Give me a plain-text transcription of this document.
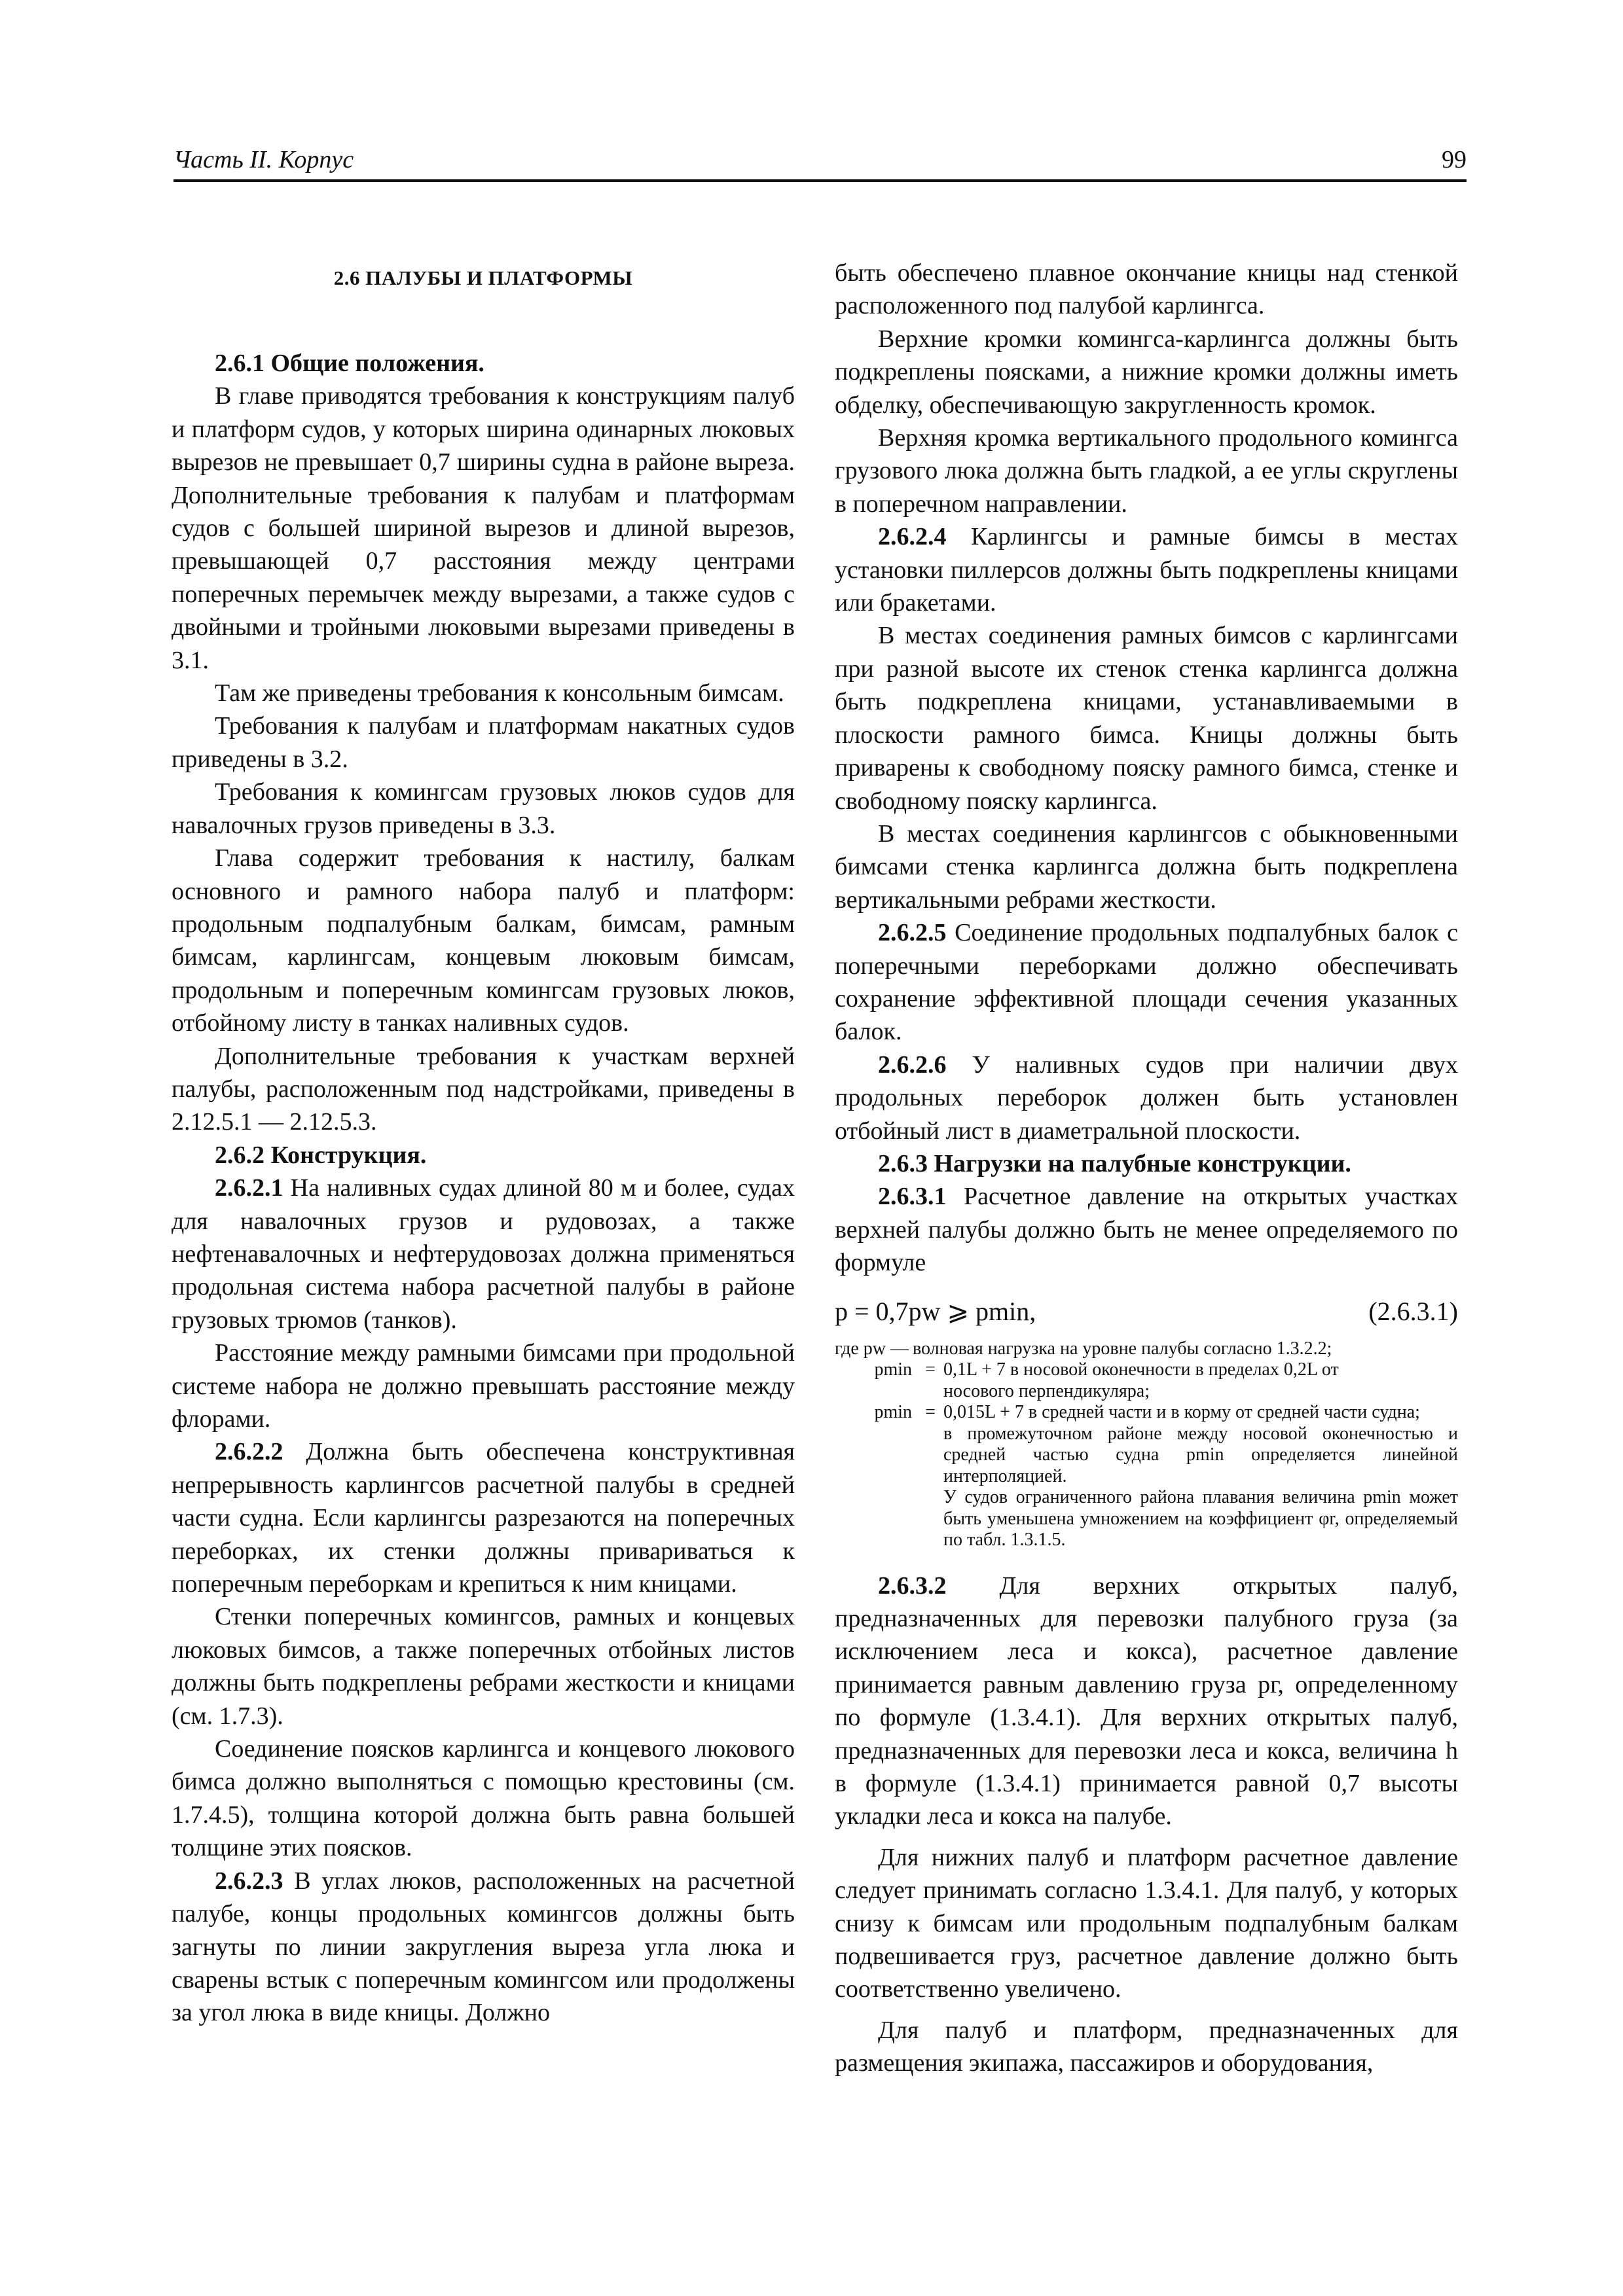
Часть II. Корпус	99
2.6 ПАЛУБЫ И ПЛАТФОРМЫ

2.6.1 Общие положения.

В главе приводятся требования к конструкциям палуб и платформ судов, у которых ширина одинарных люковых вырезов не превышает 0,7 ширины судна в районе выреза. Дополнительные требования к палубам и платформам судов с большей шириной вырезов и длиной вырезов, превышающей 0,7 расстояния между центрами поперечных перемычек между вырезами, а также судов с двойными и тройными люковыми вырезами приведены в 3.1.

Там же приведены требования к консольным бимсам.

Требования к палубам и платформам накатных судов приведены в 3.2.

Требования к комингсам грузовых люков судов для навалочных грузов приведены в 3.3.

Глава содержит требования к настилу, балкам основного и рамного набора палуб и платформ: продольным подпалубным балкам, бимсам, рамным бимсам, карлингсам, концевым люковым бимсам, продольным и поперечным комингсам грузовых люков, отбойному листу в танках наливных судов.

Дополнительные требования к участкам верхней палубы, расположенным под надстройками, приведены в 2.12.5.1 — 2.12.5.3.

2.6.2 Конструкция.

2.6.2.1 На наливных судах длиной 80 м и более, судах для навалочных грузов и рудовозах, а также нефтенавалочных и нефтерудовозах должна применяться продольная система набора расчетной палубы в районе грузовых трюмов (танков).

Расстояние между рамными бимсами при продольной системе набора не должно превышать расстояние между флорами.

2.6.2.2 Должна быть обеспечена конструктивная непрерывность карлингсов расчетной палубы в средней части судна. Если карлингсы разрезаются на поперечных переборках, их стенки должны привариваться к поперечным переборкам и крепиться к ним кницами.

Стенки поперечных комингсов, рамных и концевых люковых бимсов, а также поперечных отбойных листов должны быть подкреплены ребрами жесткости и кницами (см. 1.7.3).

Соединение поясков карлингса и концевого люкового бимса должно выполняться с помощью крестовины (см. 1.7.4.5), толщина которой должна быть равна большей толщине этих поясков.

2.6.2.3 В углах люков, расположенных на расчетной палубе, концы продольных комингсов должны быть загнуты по линии закругления выреза угла люка и сварены встык с поперечным комингсом или продолжены за угол люка в виде кницы. Должно

быть обеспечено плавное окончание кницы над стенкой расположенного под палубой карлингса.

Верхние кромки комингса-карлингса должны быть подкреплены поясками, а нижние кромки должны иметь обделку, обеспечивающую закругленность кромок.

Верхняя кромка вертикального продольного комингса грузового люка должна быть гладкой, а ее углы скруглены в поперечном направлении.

2.6.2.4 Карлингсы и рамные бимсы в местах установки пиллерсов должны быть подкреплены кницами или бракетами.

В местах соединения рамных бимсов с карлингсами при разной высоте их стенок стенка карлингса должна быть подкреплена кницами, устанавливаемыми в плоскости рамного бимса. Кницы должны быть приварены к свободному пояску рамного бимса, стенке и свободному пояску карлингса.

В местах соединения карлингсов с обыкновенными бимсами стенка карлингса должна быть подкреплена вертикальными ребрами жесткости.

2.6.2.5 Соединение продольных подпалубных балок с поперечными переборками должно обеспечивать сохранение эффективной площади сечения указанных балок.

2.6.2.6 У наливных судов при наличии двух продольных переборок должен быть установлен отбойный лист в диаметральной плоскости.

2.6.3 Нагрузки на палубные конструкции.

2.6.3.1 Расчетное давление на открытых участках верхней палубы должно быть не менее определяемого по формуле

p = 0,7pw ⩾ pmin,	(2.6.3.1)
где pw — волновая нагрузка на уровне палубы согласно 1.3.2.2;
pmin = 0,1L + 7 в носовой оконечности в пределах 0,2L от
носового перпендикуляра;
pmin = 0,015L + 7 в средней части и в корму от средней части судна;
в промежуточном районе между носовой оконечностью и средней частью судна pmin определяется линейной интерполяцией.
У судов ограниченного района плавания величина pmin может быть уменьшена умножением на коэффициент φr, определяемый по табл. 1.3.1.5.

2.6.3.2 Для верхних открытых палуб, предназначенных для перевозки палубного груза (за исключением леса и кокса), расчетное давление принимается равным давлению груза pг, определенному по формуле (1.3.4.1). Для верхних открытых палуб, предназначенных для перевозки леса и кокса, величина h в формуле (1.3.4.1) принимается равной 0,7 высоты укладки леса и кокса на палубе.

Для нижних палуб и платформ расчетное давление следует принимать согласно 1.3.4.1. Для палуб, у которых снизу к бимсам или продольным подпалубным балкам подвешивается груз, расчетное давление должно быть соответственно увеличено.

Для палуб и платформ, предназначенных для размещения экипажа, пассажиров и оборудования,
